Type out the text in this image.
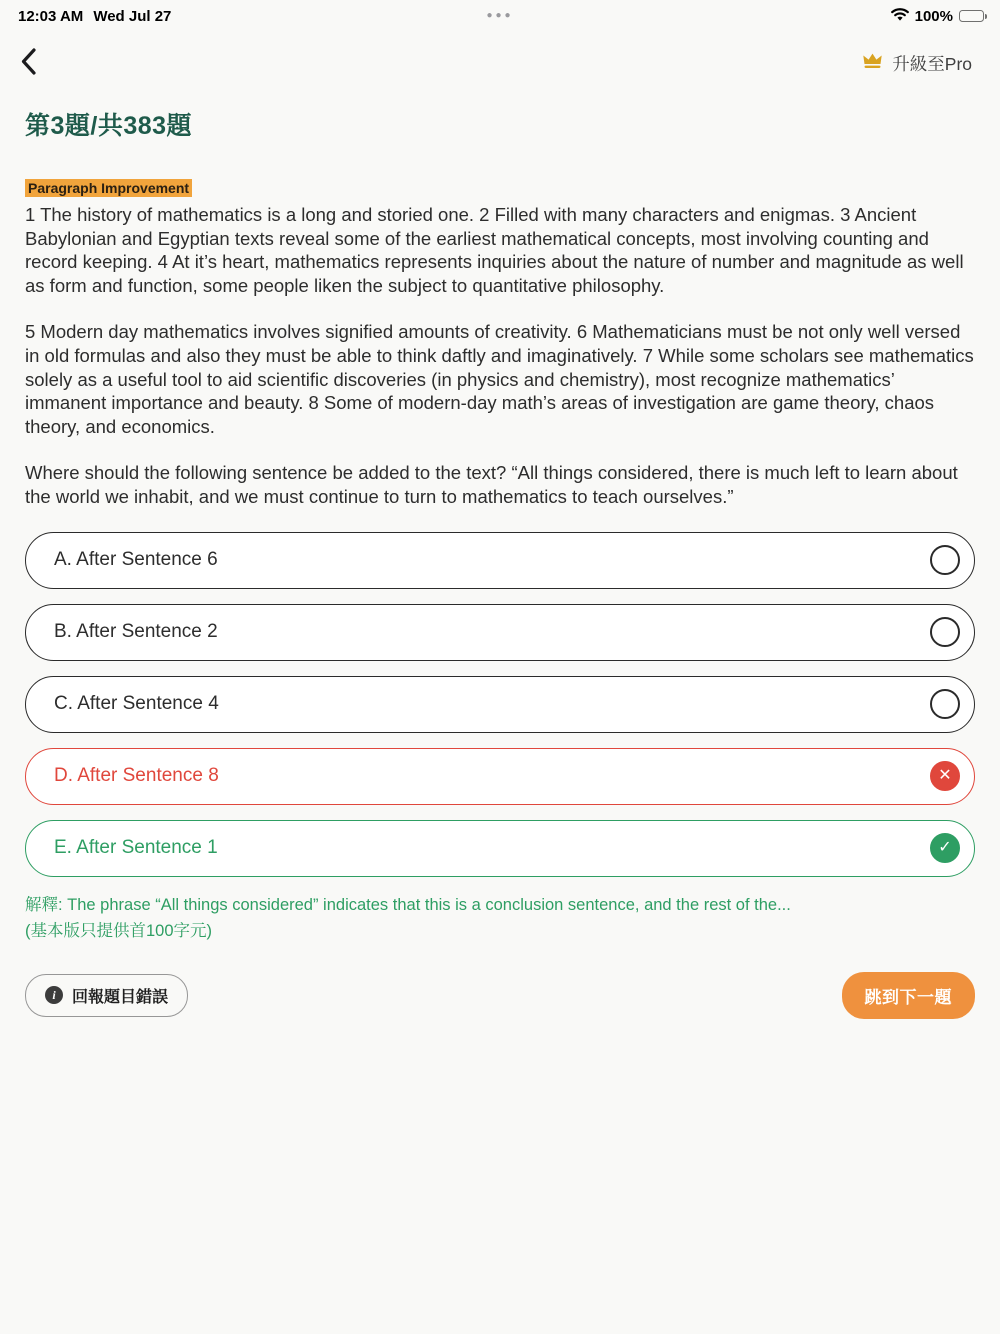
12:03 AM Wed Jul 27	●●●	100%
升級至Pro
第3題/共383題
Paragraph Improvement

1 The history of mathematics is a long and storied one. 2 Filled with many characters and enigmas. 3 Ancient Babylonian and Egyptian texts reveal some of the earliest mathematical concepts, most involving counting and record keeping. 4 At it’s heart, mathematics represents inquiries about the nature of number and magnitude as well as form and function, some people liken the subject to quantitative philosophy.

5 Modern day mathematics involves signified amounts of creativity. 6 Mathematicians must be not only well versed in old formulas and also they must be able to think daftly and imaginatively. 7 While some scholars see mathematics solely as a useful tool to aid scientific discoveries (in physics and chemistry), most recognize mathematics’ immanent importance and beauty. 8 Some of modern-day math’s areas of investigation are game theory, chaos theory, and economics.

Where should the following sentence be added to the text? “All things considered, there is much left to learn about the world we inhabit, and we must continue to turn to mathematics to teach ourselves.”

A. After Sentence 6
B. After Sentence 2
C. After Sentence 4
D. After Sentence 8	✕
E. After Sentence 1	✓
解釋: The phrase “All things considered” indicates that this is a conclusion sentence, and the rest of the...
(基本版只提供首100字元)
i	回報題目錯誤	跳到下一題
